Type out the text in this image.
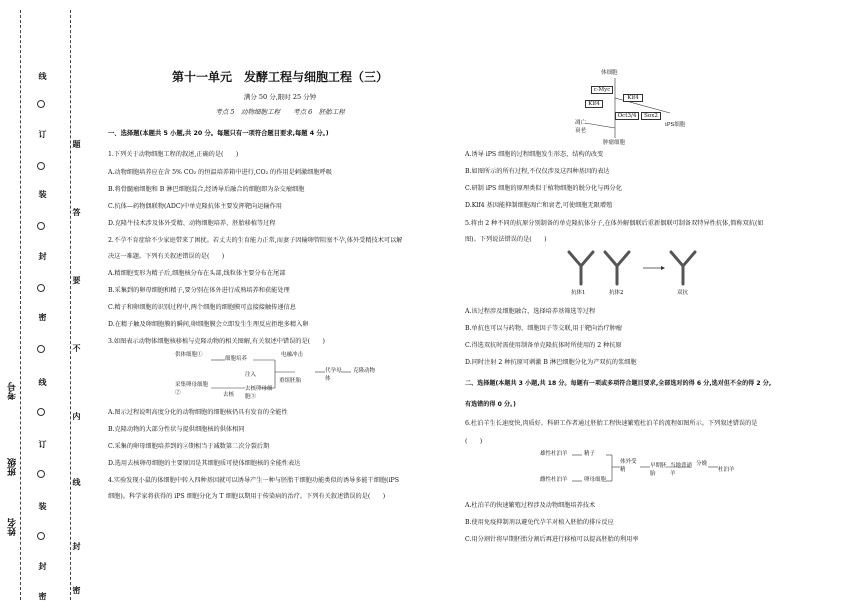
线
订
装
封
密
线
订
装
封
密
题
答
要
不
内
线
封
密
考号
班级
姓名
第十一单元　发酵工程与细胞工程（三）
满分 50 分,限时 25 分钟
考点 5　动物细胞工程　　考点 6　胚胎工程
一、选择题(本题共 5 小题,共 20 分。每题只有一项符合题目要求,每题 4 分。)
1.下列关于动物细胞工程的叙述,正确的是(　　)
A.动物细胞培养应在含 5% CO₂ 的恒温培养箱中进行,CO₂ 的作用是刺激细胞呼吸
B.将骨髓瘤细胞和 B 淋巴细胞混合,经诱导后融合的细胞即为杂交瘤细胞
C.抗体—药物偶联物(ADC)中单克隆抗体主要发挥靶向运输作用
D.克隆牛技术涉及体外受精、动物细胞培养、胚胎移植等过程
2.不孕不育症给不少家庭带来了困扰。若丈夫的生育能力正常,而妻子因输卵管阻塞不孕,体外受精技术可以解
决这一难题。下列有关叙述错误的是(　　)
A.精细胞变形为精子后,细胞核分布在头部,线粒体主要分布在尾部
B.采集到的卵母细胞和精子,要分别在体外进行成熟培养和获能处理
C.精子和卵细胞的识别过程中,两个细胞的细胞膜可直接接触传递信息
D.在精子触及卵细胞膜的瞬间,卵细胞膜会立即发生生理反应拒绝多精入卵
3.如图表示动物体细胞核移植与克隆动物的相关图解,有关叙述中错误的是(　　)
供体细胞①
细胞培养
电融冲击
注入
重组胚胎
代孕母体
克隆动物
采集卵母细胞②	去核
去核卵母细胞③
A.图示过程说明高度分化的动物细胞的细胞核仍具有发育的全能性
B.克隆动物的大部分性状与提供细胞核的供体相同
C.采集的卵母细胞培养到的②期相当于减数第二次分裂后期
D.选用去核卵母细胞的主要原因是其细胞质可使体细胞核的全能性表达
4.实验发现小鼠的体细胞中转入四种基因就可以诱导产生一种与胚胎干细胞功能类似的诱导多能干细胞(iPS
细胞)。科学家将获得的 iPS 细胞分化为 T 细胞以期用于传染病的治疗。下列有关叙述错误的是(　　)
体细胞
c-Myc
Klf4
Klf4
Oct3/4	Sox2
凋亡衰老
肿瘤细胞
iPS细胞
A.诱导 iPS 细胞的过程细胞发生形态、结构的改变
B.如图所示的所有过程,不仅仅涉及这四种基因的表达
C.研制 iPS 细胞的原理类似于植物细胞的脱分化与再分化
D.Klf4 基因能抑制细胞凋亡和衰老,可使细胞无限增殖
5.将由 2 种不同的抗原分别制备的单克隆抗体分子,在体外解偶联后重新偶联可制备双特异性抗体,简称双抗(如
图)。下列说法错误的是(　　)
抗体1	抗体2	双抗
A.该过程涉及细胞融合、选择培养基筛选等过程
B.单抗也可以与药物、细胞因子等交联,用于靶向治疗肿瘤
C.得选双抗时需使用制备单克隆抗体时所使用的 2 种抗原
D.同时注射 2 种抗原可刺激 B 淋巴细胞分化为产双抗的浆细胞
二、选择题(本题共 3 小题,共 18 分。每题有一项或多项符合题目要求,全部选对的得 6 分,选对但不全的得 2 分,
有选错的得 0 分。)
6.杜泊羊生长速度快,肉质好。科研工作者通过胚胎工程快速繁殖杜泊羊的流程如图所示。下列叙述错误的是
(　　)
雄性杜泊羊
雌性杜泊羊
精子
卵母细胞
体外受精
早期胚胎
当地普通羊
分娩
杜泊羊
A.杜泊羊的快速繁殖过程涉及动物细胞培养技术
B.使用免疫抑制剂以避免代孕羊对植入胚胎的排斥反应
C.用分割针将早期胚胎分割后再进行移植可以提高胚胎的利用率
